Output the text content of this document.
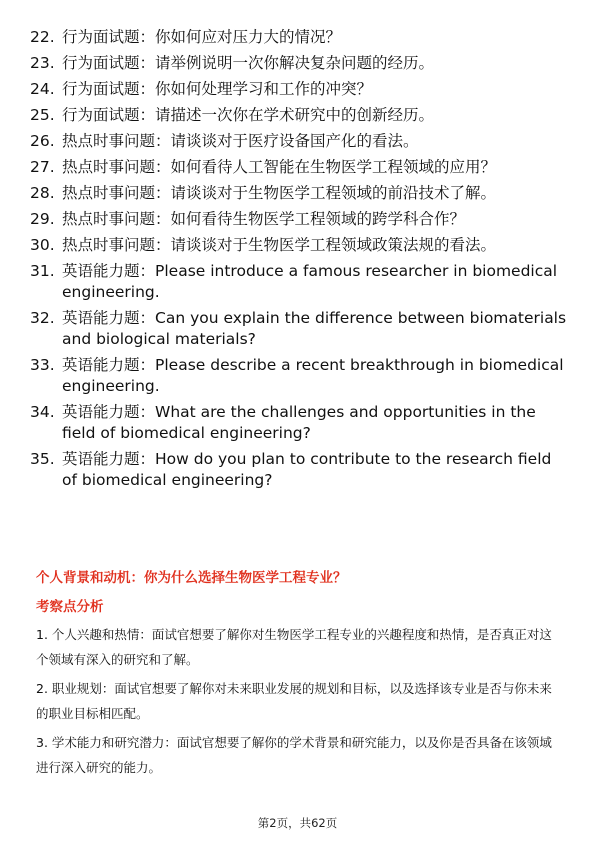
22. 行为面试题：你如何应对压力大的情况？
23. 行为面试题：请举例说明一次你解决复杂问题的经历。
24. 行为面试题：你如何处理学习和工作的冲突？
25. 行为面试题：请描述一次你在学术研究中的创新经历。
26. 热点时事问题：请谈谈对于医疗设备国产化的看法。
27. 热点时事问题：如何看待人工智能在生物医学工程领域的应用？
28. 热点时事问题：请谈谈对于生物医学工程领域的前沿技术了解。
29. 热点时事问题：如何看待生物医学工程领域的跨学科合作？
30. 热点时事问题：请谈谈对于生物医学工程领域政策法规的看法。
31. 英语能力题：Please introduce a famous researcher in biomedical engineering.
32. 英语能力题：Can you explain the difference between biomaterials and biological materials?
33. 英语能力题：Please describe a recent breakthrough in biomedical engineering.
34. 英语能力题：What are the challenges and opportunities in the field of biomedical engineering?
35. 英语能力题：How do you plan to contribute to the research field of biomedical engineering?
个人背景和动机：你为什么选择生物医学工程专业？
考察点分析
1. 个人兴趣和热情：面试官想要了解你对生物医学工程专业的兴趣程度和热情，是否真正对这个领域有深入的研究和了解。
2. 职业规划：面试官想要了解你对未来职业发展的规划和目标，以及选择该专业是否与你未来的职业目标相匹配。
3. 学术能力和研究潜力：面试官想要了解你的学术背景和研究能力，以及你是否具备在该领域进行深入研究的能力。
第2页，共62页
